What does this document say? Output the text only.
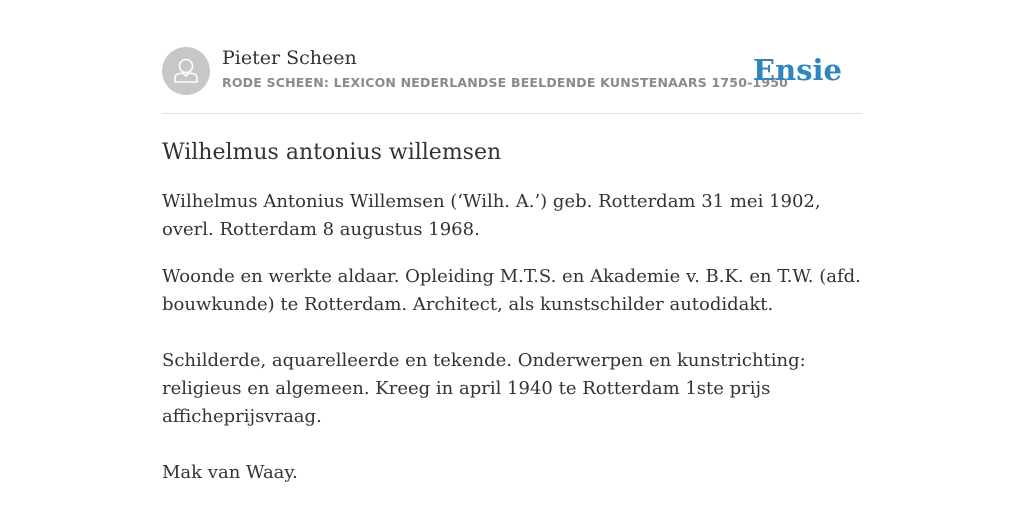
Pieter Scheen
RODE SCHEEN: LEXICON NEDERLANDSE BEELDENDE KUNSTENAARS 1750-1950
Ensie
Wilhelmus antonius willemsen

Wilhelmus Antonius Willemsen (‘Wilh. A.’) geb. Rotterdam 31 mei 1902, overl. Rotterdam 8 augustus 1968.

Woonde en werkte aldaar. Opleiding M.T.S. en Akademie v. B.K. en T.W. (afd. bouwkunde) te Rotterdam. Architect, als kunstschilder autodidakt.

Schilderde, aquarelleerde en tekende. Onderwerpen en kunstrichting: religieus en algemeen. Kreeg in april 1940 te Rotterdam 1ste prijs afficheprijsvraag.

Mak van Waay.
